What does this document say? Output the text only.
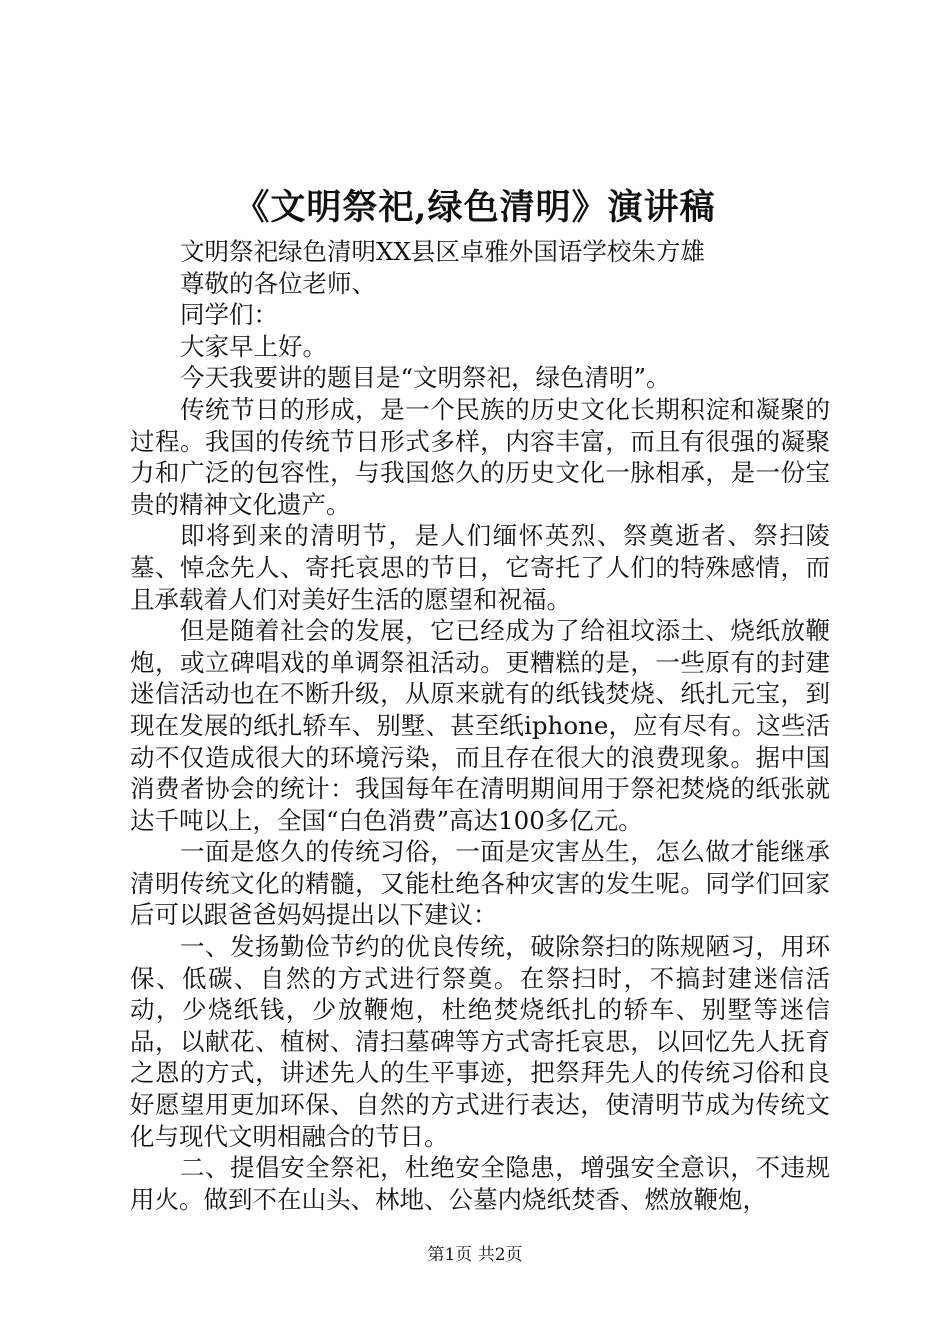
《文明祭祀,绿色清明》演讲稿

文明祭祀绿色清明XX县区卓雅外国语学校朱方雄

尊敬的各位老师、

同学们：

大家早上好。

今天我要讲的题目是“文明祭祀，绿色清明”。

传统节日的形成，是一个民族的历史文化长期积淀和凝聚的过程。我国的传统节日形式多样，内容丰富，而且有很强的凝聚力和广泛的包容性，与我国悠久的历史文化一脉相承，是一份宝贵的精神文化遗产。

即将到来的清明节，是人们缅怀英烈、祭奠逝者、祭扫陵墓、悼念先人、寄托哀思的节日，它寄托了人们的特殊感情，而且承载着人们对美好生活的愿望和祝福。

但是随着社会的发展，它已经成为了给祖坟添土、烧纸放鞭炮，或立碑唱戏的单调祭祖活动。更糟糕的是，一些原有的封建迷信活动也在不断升级，从原来就有的纸钱焚烧、纸扎元宝，到现在发展的纸扎轿车、别墅、甚至纸iphone，应有尽有。这些活动不仅造成很大的环境污染，而且存在很大的浪费现象。据中国消费者协会的统计：我国每年在清明期间用于祭祀焚烧的纸张就达千吨以上，全国“白色消费”高达100多亿元。

一面是悠久的传统习俗，一面是灾害丛生，怎么做才能继承清明传统文化的精髓，又能杜绝各种灾害的发生呢。同学们回家后可以跟爸爸妈妈提出以下建议：

一、发扬勤俭节约的优良传统，破除祭扫的陈规陋习，用环保、低碳、自然的方式进行祭奠。在祭扫时，不搞封建迷信活动，少烧纸钱，少放鞭炮，杜绝焚烧纸扎的轿车、别墅等迷信品，以献花、植树、清扫墓碑等方式寄托哀思，以回忆先人抚育之恩的方式，讲述先人的生平事迹，把祭拜先人的传统习俗和良好愿望用更加环保、自然的方式进行表达，使清明节成为传统文化与现代文明相融合的节日。

二、提倡安全祭祀，杜绝安全隐患，增强安全意识，不违规用火。做到不在山头、林地、公墓内烧纸焚香、燃放鞭炮，

第1页 共2页
